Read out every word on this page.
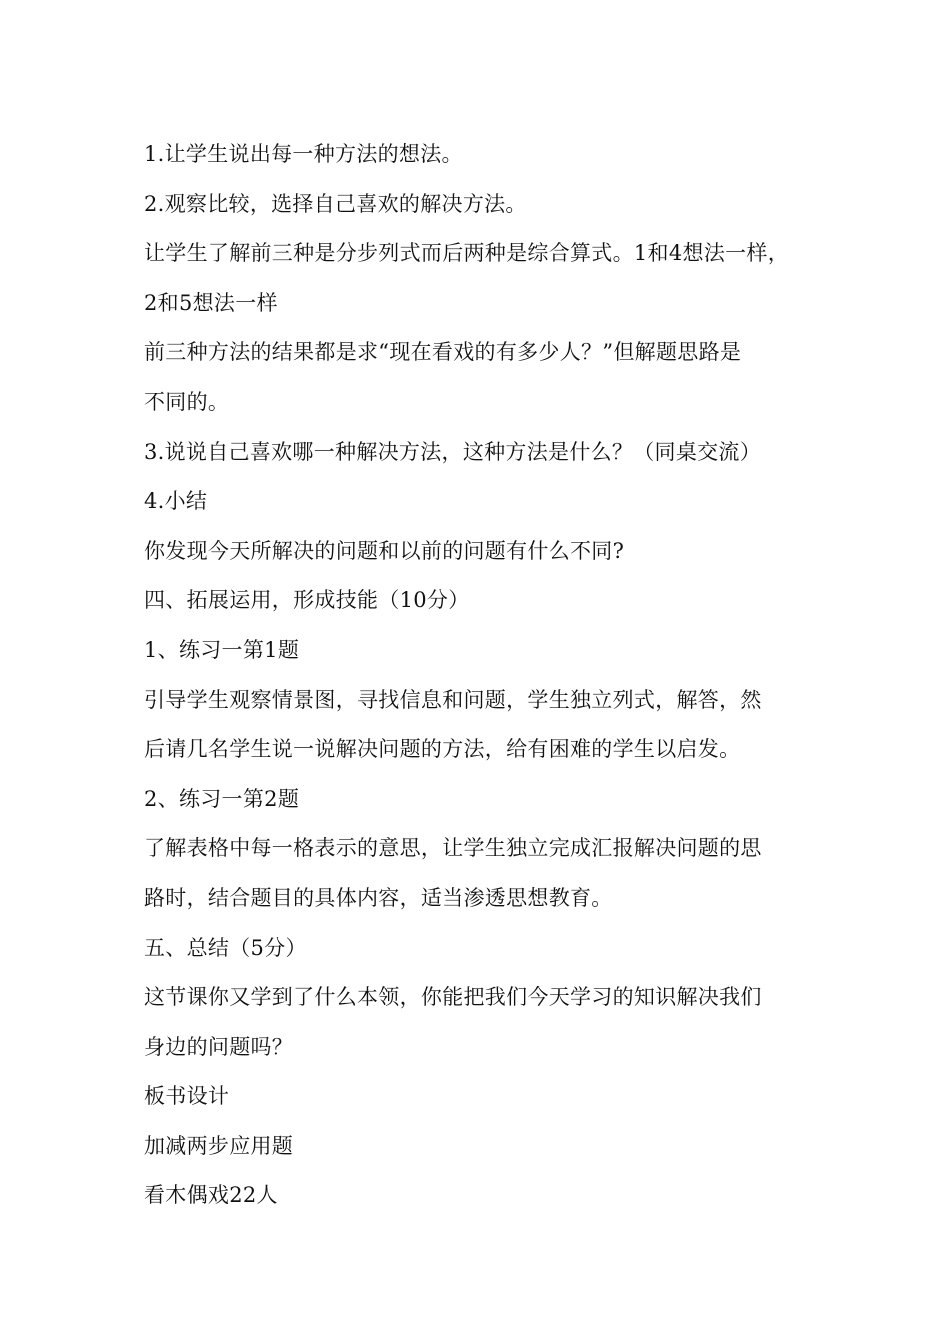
1.让学生说出每一种方法的想法。
2.观察比较，选择自己喜欢的解决方法。
让学生了解前三种是分步列式而后两种是综合算式。1和4想法一样，
2和5想法一样
前三种方法的结果都是求“现在看戏的有多少人？”但解题思路是
不同的。
3.说说自己喜欢哪一种解决方法，这种方法是什么？（同桌交流）
4.小结
你发现今天所解决的问题和以前的问题有什么不同?
四、拓展运用，形成技能（10分）
1、练习一第1题
引导学生观察情景图，寻找信息和问题，学生独立列式，解答，然
后请几名学生说一说解决问题的方法，给有困难的学生以启发。
2、练习一第2题
了解表格中每一格表示的意思，让学生独立完成汇报解决问题的思
路时，结合题目的具体内容，适当渗透思想教育。
五、总结（5分）
这节课你又学到了什么本领，你能把我们今天学习的知识解决我们
身边的问题吗？
板书设计
加减两步应用题
看木偶戏22人
